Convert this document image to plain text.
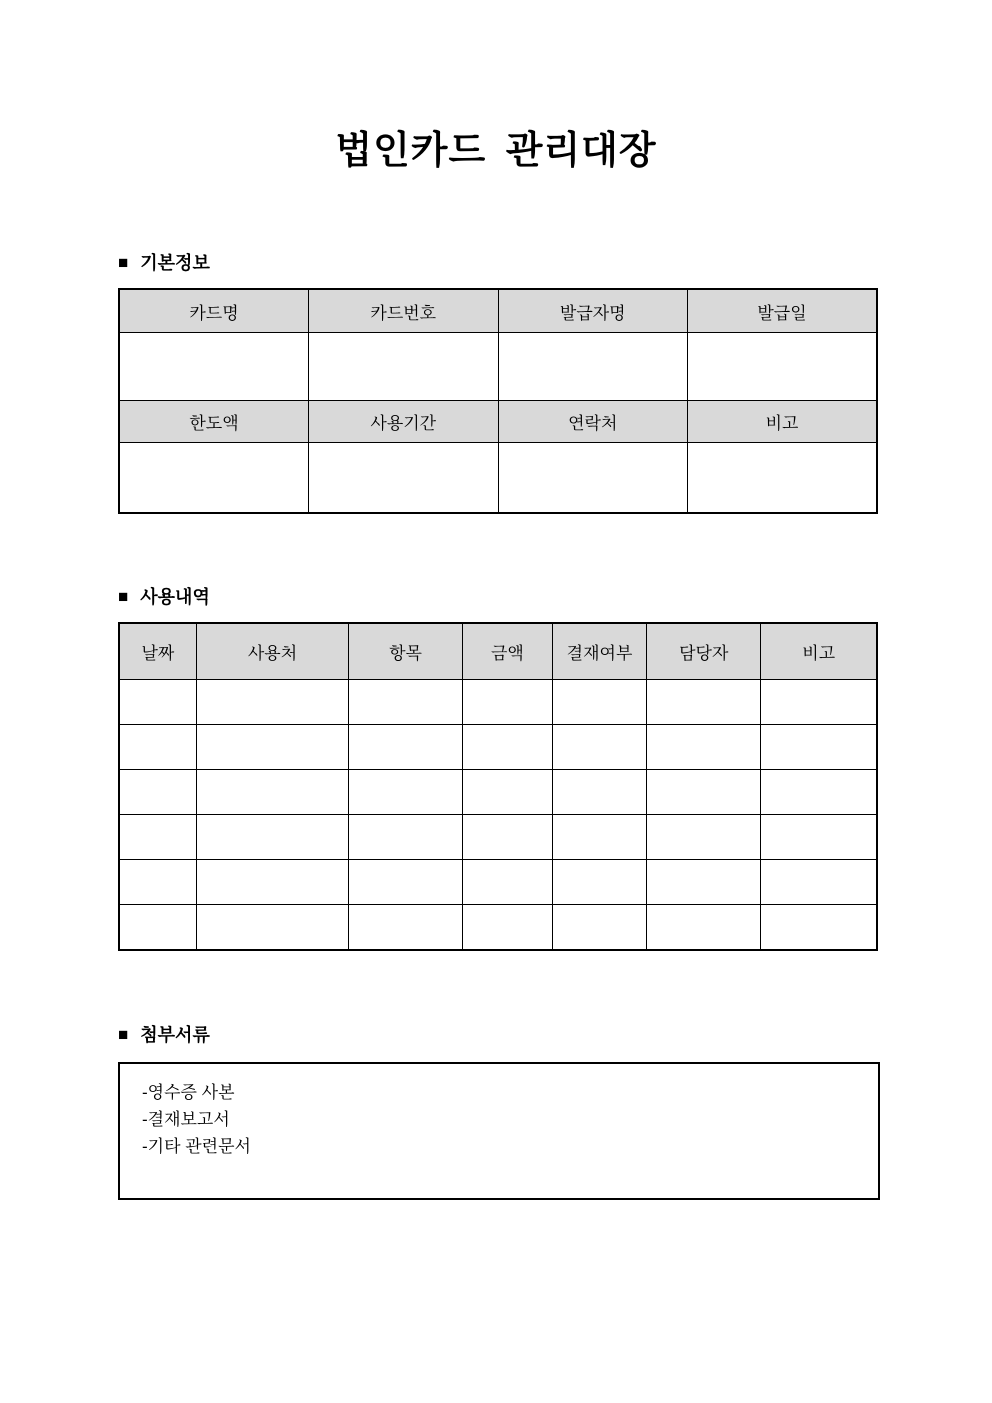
법인카드 관리대장
■ 기본정보
카드명	카드번호	발급자명	발급일

한도액	사용기간	연락처	비고

■ 사용내역
날짜	사용처	항목	금액	결재여부	담당자	비고

■ 첨부서류
-영수증 사본
-결재보고서
-기타 관련문서
